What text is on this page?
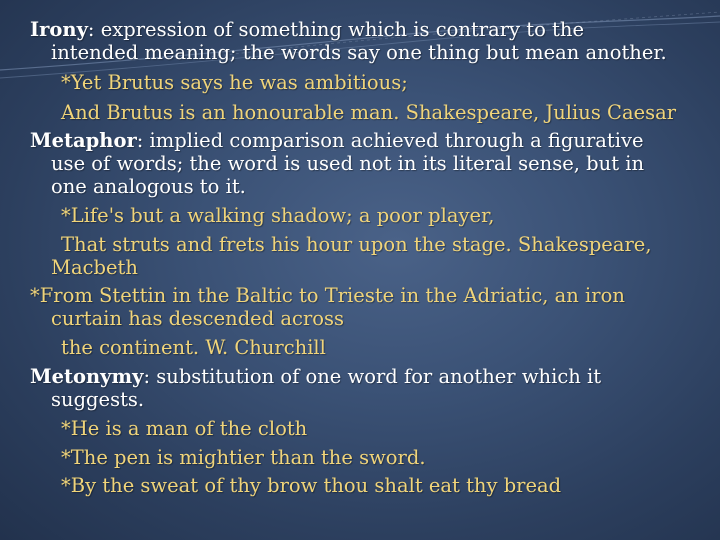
Irony: expression of something which is contrary to the
intended meaning; the words say one thing but mean another.
*Yet Brutus says he was ambitious;
And Brutus is an honourable man. Shakespeare, Julius Caesar
Metaphor: implied comparison achieved through a figurative
use of words; the word is used not in its literal sense, but in
one analogous to it.
*Life's but a walking shadow; a poor player,
That struts and frets his hour upon the stage. Shakespeare,
Macbeth
*From Stettin in the Baltic to Trieste in the Adriatic, an iron
curtain has descended across
the continent. W. Churchill
Metonymy: substitution of one word for another which it
suggests.
*He is a man of the cloth
*The pen is mightier than the sword.
*By the sweat of thy brow thou shalt eat thy bread
